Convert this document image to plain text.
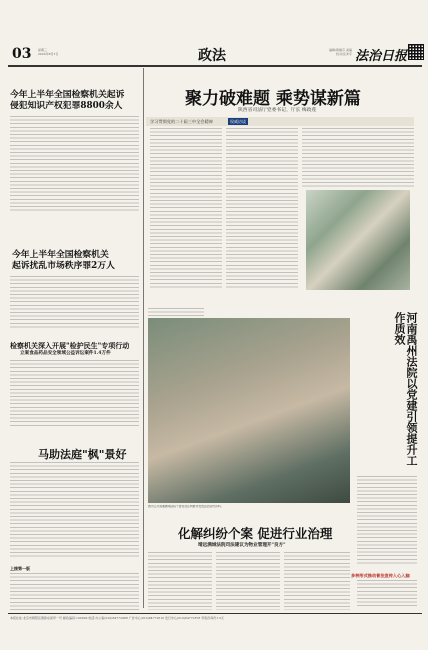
03 星期三
2024年8月7日	政法	编辑/蒋楠芬 美编
校对/张冲宇 法治日报
今年上半年全国检察机关起诉
侵犯知识产权犯罪8800余人
今年上半年全国检察机关
起诉扰乱市场秩序罪2万人
检察机关深入开展"检护民生"专项行动
立案食品药品安全领域公益诉讼案件1.4万件
马助法庭"枫"景好
上接第一版
聚力破难题 乘势谋新篇
陕西省司法厅党委书记、厅长 梅政莲
学习贯彻党的二十届三中全会精神	权威访谈
河南禹州法院以党建引领提升工作质效
多种形式推动普法宣传入心入脑
图为江苏南通港闸法院干警在社区向群众发放法治宣传资料。
化解纠纷个案 促进行业治理
靖远满城法院司法建议为物业管理开"良方"
本报社址:北京市朝阳区惠新东街甲一号 邮政编码:100029 电话:办公室(010)84772988 广告中心(010)84772810 发行中心(010)84772878 零售价每份1.5元
